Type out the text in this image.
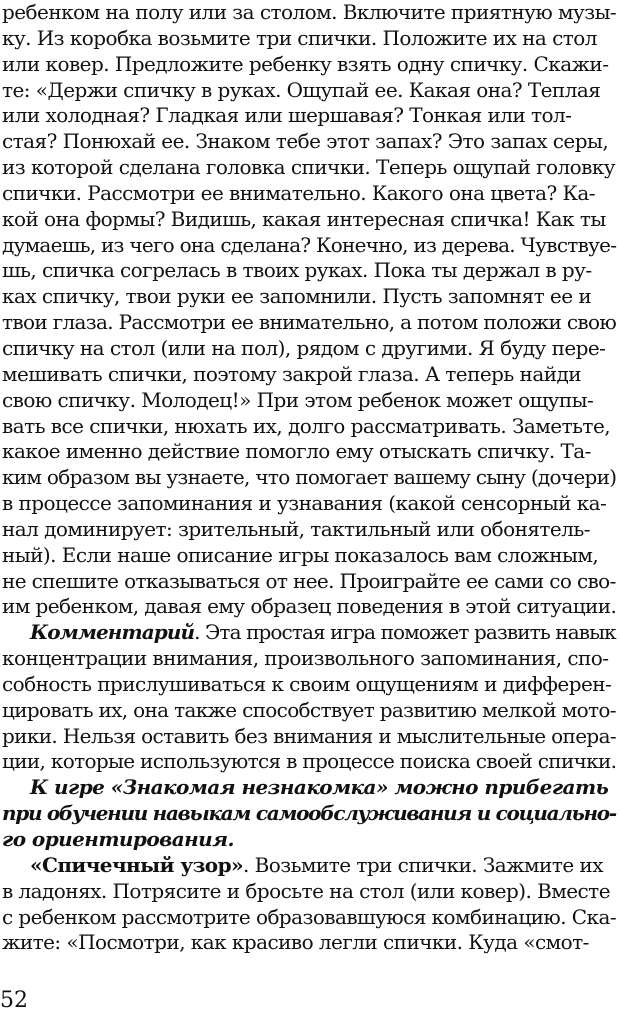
ребенком на полу или за столом. Включите приятную музы-
ку. Из коробка возьмите три спички. Положите их на стол
или ковер. Предложите ребенку взять одну спичку. Скажи-
те: «Держи спичку в руках. Ощупай ее. Какая она? Теплая
или холодная? Гладкая или шершавая? Тонкая или тол-
стая? Понюхай ее. Знаком тебе этот запах? Это запах серы,
из которой сделана головка спички. Теперь ощупай головку
спички. Рассмотри ее внимательно. Какого она цвета? Ка-
кой она формы? Видишь, какая интересная спичка! Как ты
думаешь, из чего она сделана? Конечно, из дерева. Чувствуе-
шь, спичка согрелась в твоих руках. Пока ты держал в ру-
ках спичку, твои руки ее запомнили. Пусть запомнят ее и
твои глаза. Рассмотри ее внимательно, а потом положи свою
спичку на стол (или на пол), рядом с другими. Я буду пере-
мешивать спички, поэтому закрой глаза. А теперь найди
свою спичку. Молодец!» При этом ребенок может ощупы-
вать все спички, нюхать их, долго рассматривать. Заметьте,
какое именно действие помогло ему отыскать спичку. Та-
ким образом вы узнаете, что помогает вашему сыну (дочери)
в процессе запоминания и узнавания (какой сенсорный ка-
нал доминирует: зрительный, тактильный или обонятель-
ный). Если наше описание игры показалось вам сложным,
не спешите отказываться от нее. Проиграйте ее сами со сво-
им ребенком, давая ему образец поведения в этой ситуации.
Комментарий. Эта простая игра поможет развить навык
концентрации внимания, произвольного запоминания, спо-
собность прислушиваться к своим ощущениям и дифферен-
цировать их, она также способствует развитию мелкой мото-
рики. Нельзя оставить без внимания и мыслительные опера-
ции, которые используются в процессе поиска своей спички.
К игре «Знакомая незнакомка» можно прибегать
при обучении навыкам самообслуживания и социально-
го ориентирования.
«Спичечный узор». Возьмите три спички. Зажмите их
в ладонях. Потрясите и бросьте на стол (или ковер). Вместе
с ребенком рассмотрите образовавшуюся комбинацию. Ска-
жите: «Посмотри, как красиво легли спички. Куда «смот-
52
